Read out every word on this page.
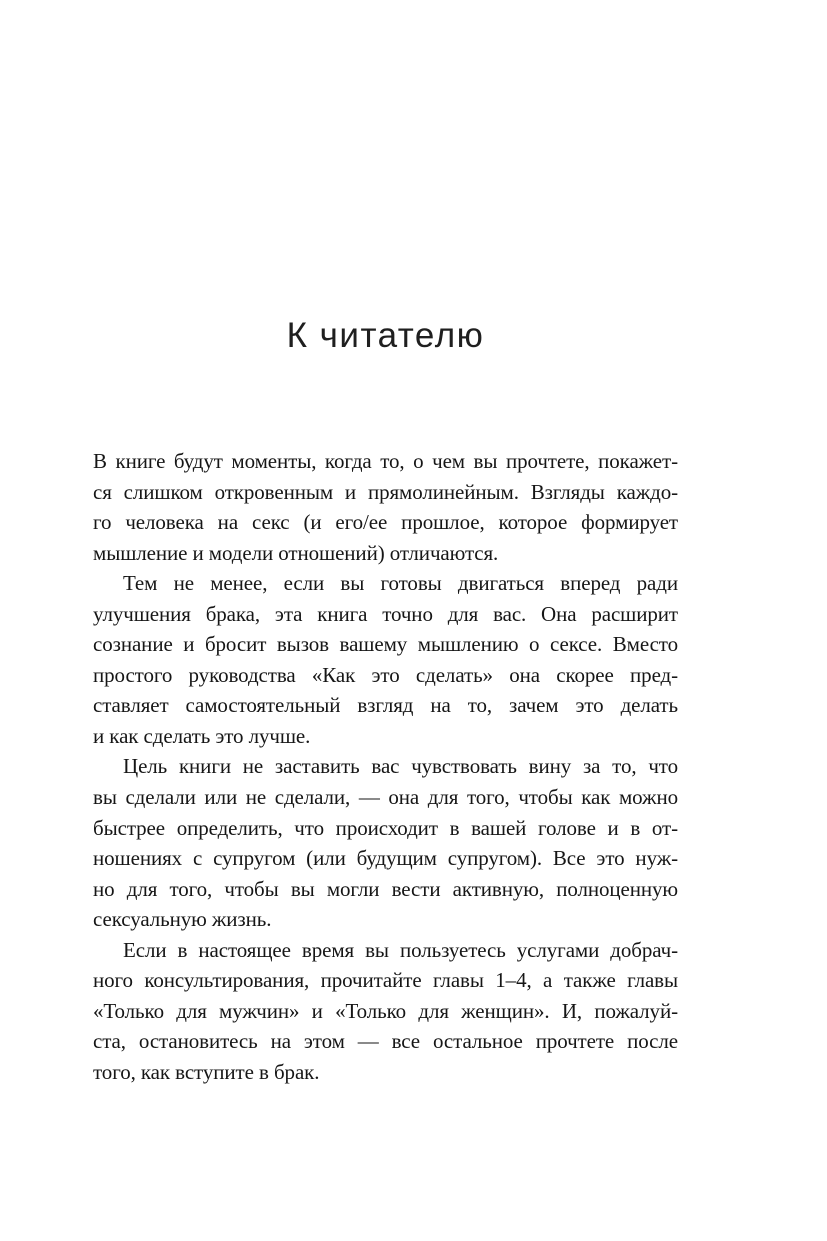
К читателю
В книге будут моменты, когда то, о чем вы прочтете, покажет-
ся слишком откровенным и прямолинейным. Взгляды каждо-
го человека на секс (и его/ее прошлое, которое формирует
мышление и модели отношений) отличаются.
Тем не менее, если вы готовы двигаться вперед ради
улучшения брака, эта книга точно для вас. Она расширит
сознание и бросит вызов вашему мышлению о сексе. Вместо
простого руководства «Как это сделать» она скорее пред-
ставляет самостоятельный взгляд на то, зачем это делать
и как сделать это лучше.
Цель книги не заставить вас чувствовать вину за то, что
вы сделали или не сделали, — она для того, чтобы как можно
быстрее определить, что происходит в вашей голове и в от-
ношениях с супругом (или будущим супругом). Все это нуж-
но для того, чтобы вы могли вести активную, полноценную
сексуальную жизнь.
Если в настоящее время вы пользуетесь услугами добрач-
ного консультирования, прочитайте главы 1–4, а также главы
«Только для мужчин» и «Только для женщин». И, пожалуй-
ста, остановитесь на этом — все остальное прочтете после
того, как вступите в брак.
